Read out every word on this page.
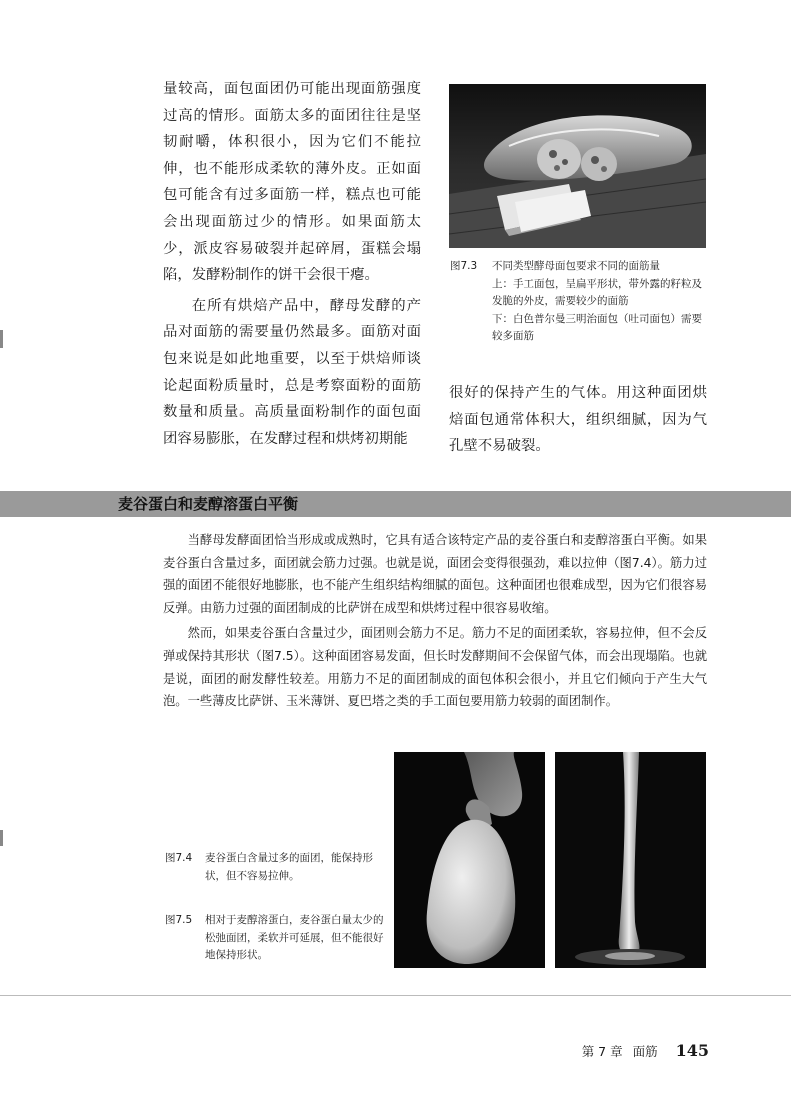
量较高，面包面团仍可能出现面筋强度过高的情形。面筋太多的面团往往是坚韧耐嚼，体积很小，因为它们不能拉伸，也不能形成柔软的薄外皮。正如面包可能含有过多面筋一样，糕点也可能会出现面筋过少的情形。如果面筋太少，派皮容易破裂并起碎屑，蛋糕会塌陷，发酵粉制作的饼干会很干瘪。

在所有烘焙产品中，酵母发酵的产品对面筋的需要量仍然最多。面筋对面包来说是如此地重要，以至于烘焙师谈论起面粉质量时，总是考察面粉的面筋数量和质量。高质量面粉制作的面包面团容易膨胀，在发酵过程和烘烤初期能

图7.3 不同类型酵母面包要求不同的面筋量
上：手工面包，呈扁平形状，带外露的籽粒及发脆的外皮，需要较少的面筋
下：白色普尔曼三明治面包（吐司面包）需要较多面筋

很好的保持产生的气体。用这种面团烘焙面包通常体积大，组织细腻，因为气孔壁不易破裂。

麦谷蛋白和麦醇溶蛋白平衡

当酵母发酵面团恰当形成或成熟时，它具有适合该特定产品的麦谷蛋白和麦醇溶蛋白平衡。如果麦谷蛋白含量过多，面团就会筋力过强。也就是说，面团会变得很强劲，难以拉伸（图7.4）。筋力过强的面团不能很好地膨胀，也不能产生组织结构细腻的面包。这种面团也很难成型，因为它们很容易反弹。由筋力过强的面团制成的比萨饼在成型和烘烤过程中很容易收缩。

然而，如果麦谷蛋白含量过少，面团则会筋力不足。筋力不足的面团柔软，容易拉伸，但不会反弹或保持其形状（图7.5）。这种面团容易发面，但长时发酵期间不会保留气体，而会出现塌陷。也就是说，面团的耐发酵性较差。用筋力不足的面团制成的面包体积会很小，并且它们倾向于产生大气泡。一些薄皮比萨饼、玉米薄饼、夏巴塔之类的手工面包要用筋力较弱的面团制作。

图7.4 麦谷蛋白含量过多的面团，能保持形状，但不容易拉伸。
图7.5 相对于麦醇溶蛋白，麦谷蛋白量太少的松弛面团，柔软并可延展，但不能很好地保持形状。
第 7 章 面筋 145
